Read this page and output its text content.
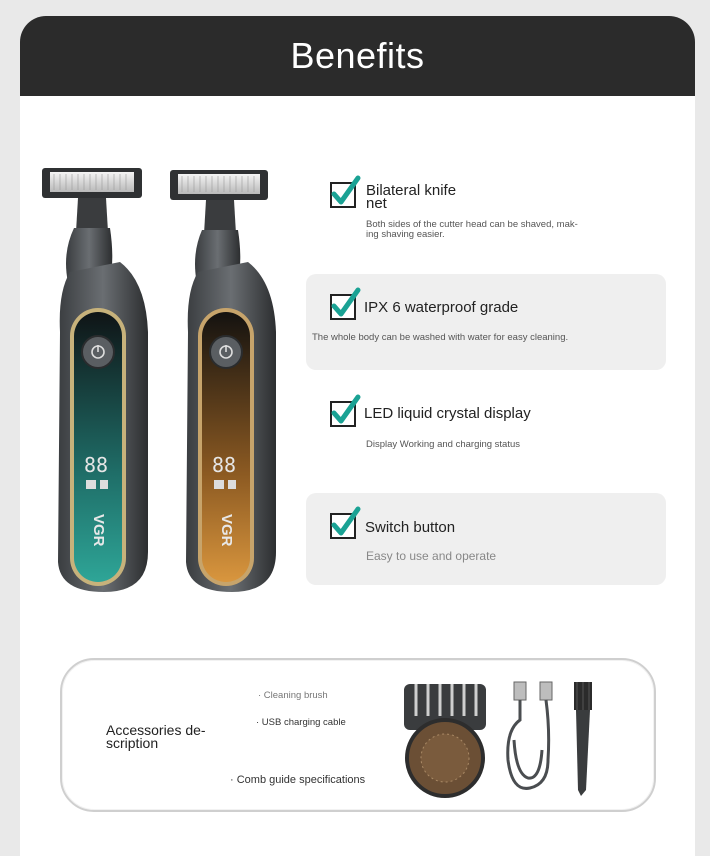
Benefits
88	88
VGR	VGR
Bilateral knife
net
Both sides of the cutter head can be shaved, mak-
ing shaving easier.
IPX 6 waterproof grade
The whole body can be washed with water for easy cleaning.
LED liquid crystal display
Display Working and charging status
Switch button
Easy to use and operate
Accessories de-
scription
· Cleaning brush
· USB charging cable
· Comb guide specifications
